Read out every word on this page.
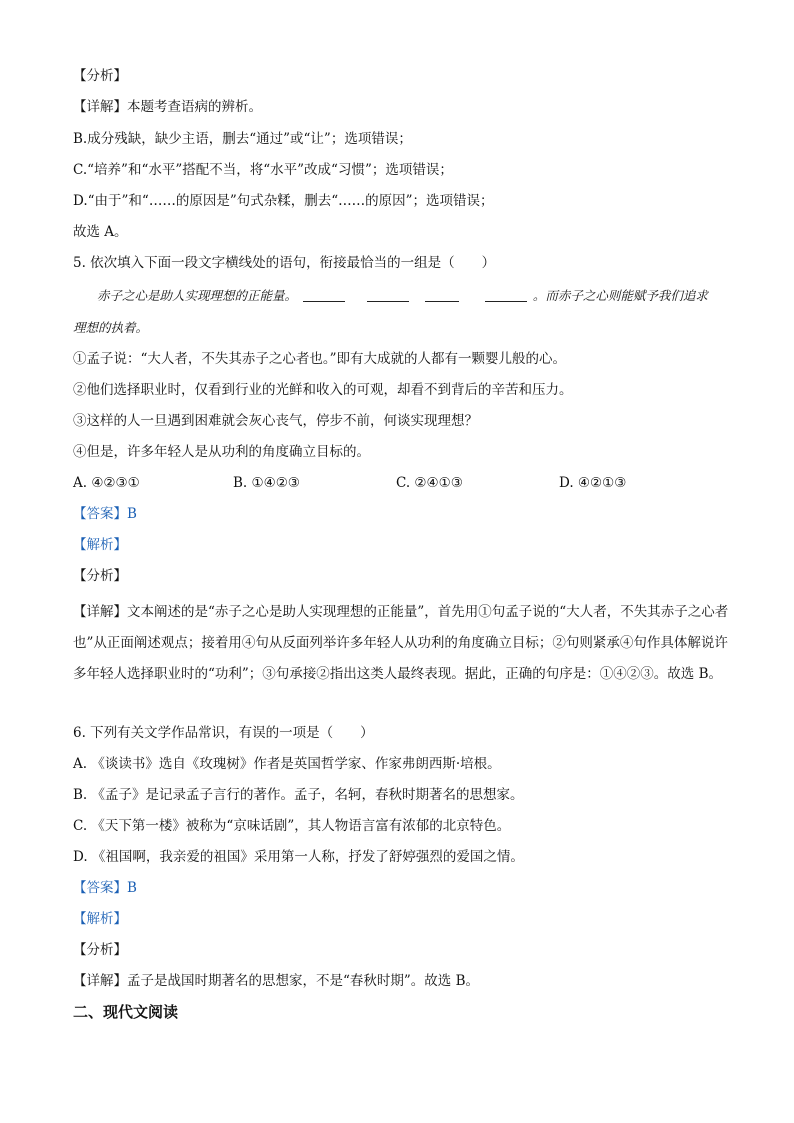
【分析】
【详解】本题考查语病的辨析。
B.成分残缺，缺少主语，删去“通过”或“让”；选项错误；
C.“培养”和“水平”搭配不当，将“水平”改成“习惯”；选项错误；
D.“由于”和“……的原因是”句式杂糅，删去“……的原因”；选项错误；
故选 A。
5. 依次填入下面一段文字横线处的语句，衔接最恰当的一组是（　　）
赤子之心是助人实现理想的正能量。	。而赤子之心则能赋予我们追求
理想的执着。
①孟子说：“大人者，不失其赤子之心者也。”即有大成就的人都有一颗婴儿般的心。
②他们选择职业时，仅看到行业的光鲜和收入的可观，却看不到背后的辛苦和压力。
③这样的人一旦遇到困难就会灰心丧气，停步不前，何谈实现理想？
④但是，许多年轻人是从功利的角度确立目标的。
A. ④②③①	B. ①④②③	C. ②④①③	D. ④②①③
【答案】B
【解析】
【分析】
【详解】文本阐述的是“赤子之心是助人实现理想的正能量”，首先用①句孟子说的“大人者，不失其赤子之心者也”从正面阐述观点；接着用④句从反面列举许多年轻人从功利的角度确立目标；②句则紧承④句作具体解说许多年轻人选择职业时的“功利”；③句承接②指出这类人最终表现。据此，正确的句序是：①④②③。故选 B。
6. 下列有关文学作品常识，有误的一项是（　　）
A. 《谈读书》选自《玫瑰树》作者是英国哲学家、作家弗朗西斯·培根。
B. 《孟子》是记录孟子言行的著作。孟子，名轲，春秋时期著名的思想家。
C. 《天下第一楼》被称为“京味话剧”，其人物语言富有浓郁的北京特色。
D. 《祖国啊，我亲爱的祖国》采用第一人称，抒发了舒婷强烈的爱国之情。
【答案】B
【解析】
【分析】
【详解】孟子是战国时期著名的思想家，不是“春秋时期”。故选 B。
二、现代文阅读
